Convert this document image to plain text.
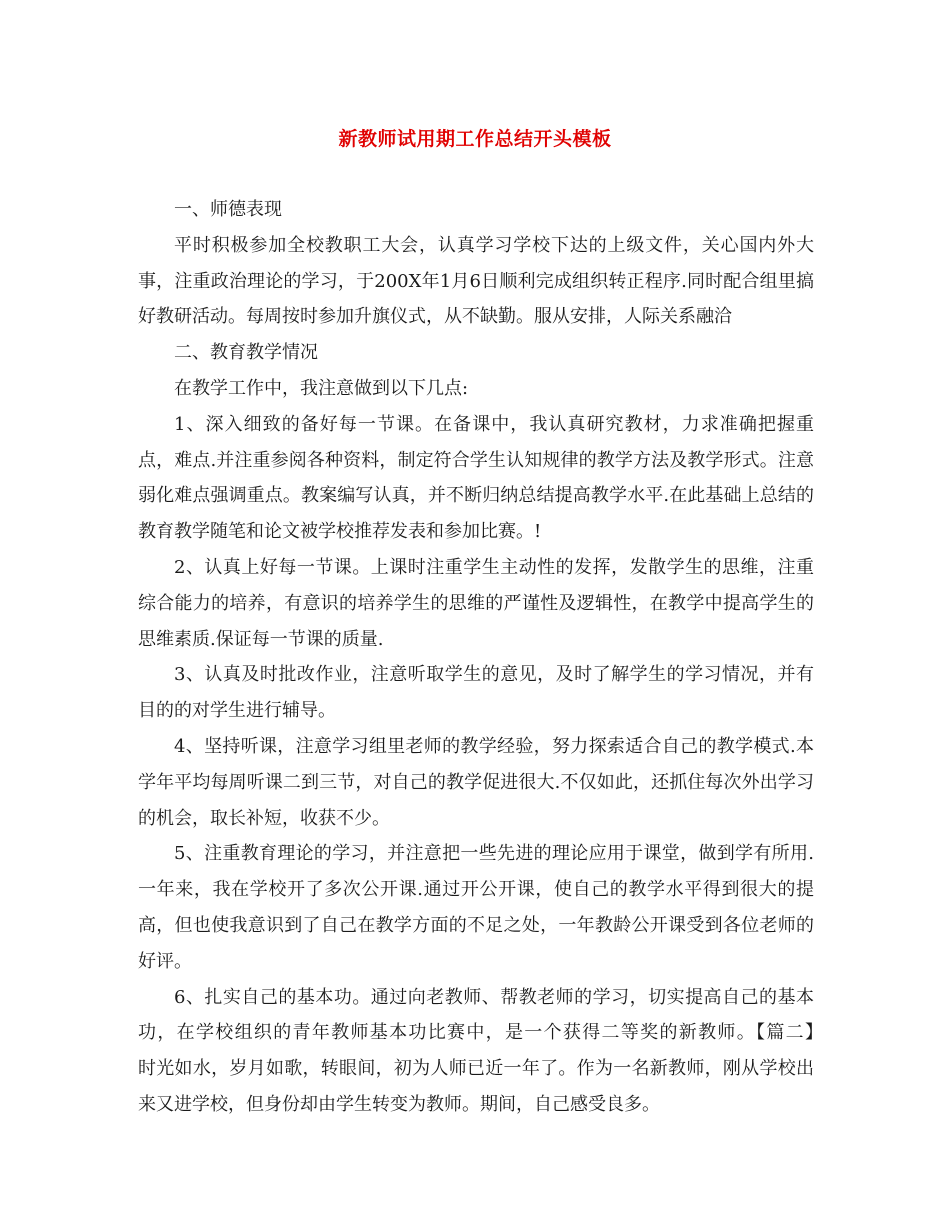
新教师试用期工作总结开头模板

一、师德表现

平时积极参加全校教职工大会，认真学习学校下达的上级文件，关心国内外大事，注重政治理论的学习，于200X年1月6日顺利完成组织转正程序.同时配合组里搞好教研活动。每周按时参加升旗仪式，从不缺勤。服从安排，人际关系融洽

二、教育教学情况

在教学工作中，我注意做到以下几点:

1、深入细致的备好每一节课。在备课中，我认真研究教材，力求准确把握重点，难点.并注重参阅各种资料，制定符合学生认知规律的教学方法及教学形式。注意弱化难点强调重点。教案编写认真，并不断归纳总结提高教学水平.在此基础上总结的教育教学随笔和论文被学校推荐发表和参加比赛。!

2、认真上好每一节课。上课时注重学生主动性的发挥，发散学生的思维，注重综合能力的培养，有意识的培养学生的思维的严谨性及逻辑性，在教学中提高学生的思维素质.保证每一节课的质量.

3、认真及时批改作业，注意听取学生的意见，及时了解学生的学习情况，并有目的的对学生进行辅导。

4、坚持听课，注意学习组里老师的教学经验，努力探索适合自己的教学模式.本学年平均每周听课二到三节，对自己的教学促进很大.不仅如此，还抓住每次外出学习的机会，取长补短，收获不少。

5、注重教育理论的学习，并注意把一些先进的理论应用于课堂，做到学有所用.一年来，我在学校开了多次公开课.通过开公开课，使自己的教学水平得到很大的提高，但也使我意识到了自己在教学方面的不足之处，一年教龄公开课受到各位老师的好评。

6、扎实自己的基本功。通过向老教师、帮教老师的学习，切实提高自己的基本功，在学校组织的青年教师基本功比赛中，是一个获得二等奖的新教师。【篇二】　　时光如水，岁月如歌，转眼间，初为人师已近一年了。作为一名新教师，刚从学校出来又进学校，但身份却由学生转变为教师。期间，自己感受良多。
